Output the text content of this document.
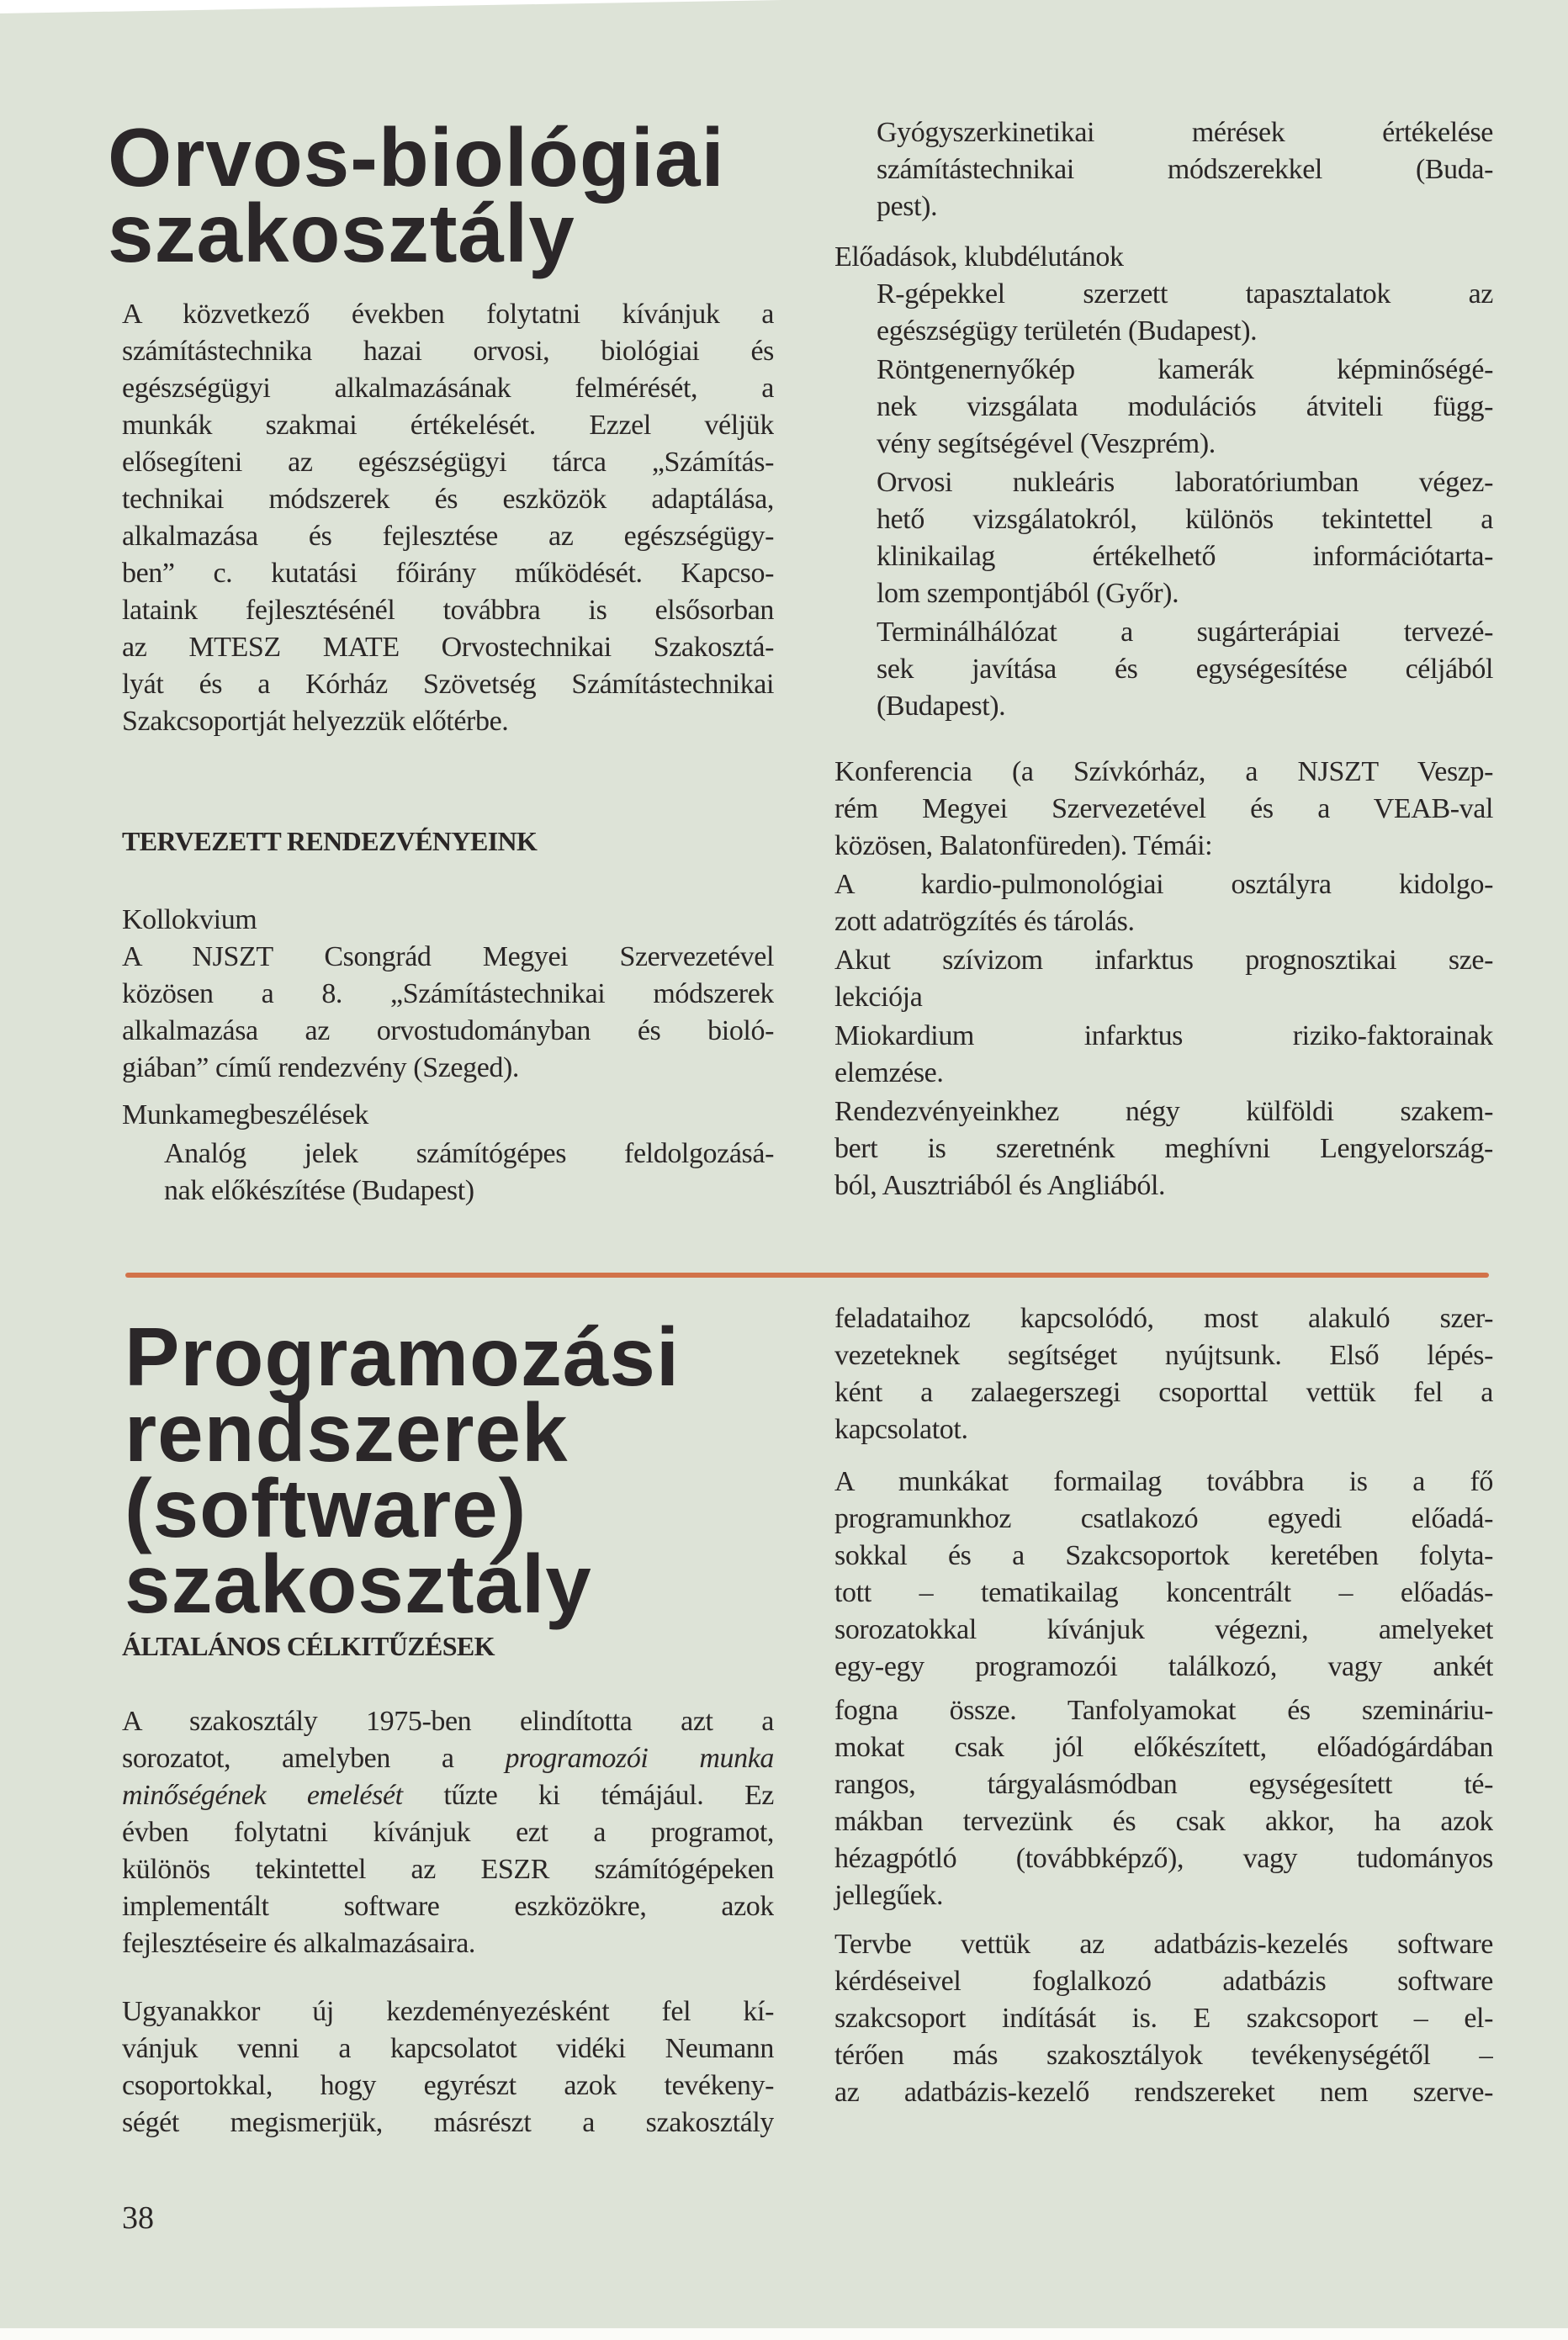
Orvos-biológiai
szakosztály
A közvetkező években folytatni kívánjuk a
számítástechnika hazai orvosi, biológiai és
egészségügyi alkalmazásának felmérését, a
munkák szakmai értékelését. Ezzel véljük
elősegíteni az egészségügyi tárca „Számítás-
technikai módszerek és eszközök adaptálása,
alkalmazása és fejlesztése az egészségügy-
ben” c. kutatási főirány működését. Kapcso-
lataink fejlesztésénél továbbra is elsősorban
az MTESZ MATE Orvostechnikai Szakosztá-
lyát és a Kórház Szövetség Számítástechnikai
Szakcsoportját helyezzük előtérbe.
TERVEZETT RENDEZVÉNYEINK
Kollokvium
A NJSZT Csongrád Megyei Szervezetével
közösen a 8. „Számítástechnikai módszerek
alkalmazása az orvostudományban és bioló-
giában” című rendezvény (Szeged).
Munkamegbeszélések
Analóg jelek számítógépes feldolgozásá-
nak előkészítése (Budapest)
Gyógyszerkinetikai mérések értékelése
számítástechnikai módszerekkel (Buda-
pest).
Előadások, klubdélutánok
R-gépekkel szerzett tapasztalatok az
egészségügy területén (Budapest).
Röntgenernyőkép kamerák képminőségé-
nek vizsgálata modulációs átviteli függ-
vény segítségével (Veszprém).
Orvosi nukleáris laboratóriumban végez-
hető vizsgálatokról, különös tekintettel a
klinikailag értékelhető információtarta-
lom szempontjából (Győr).
Terminálhálózat a sugárterápiai tervezé-
sek javítása és egységesítése céljából
(Budapest).
Konferencia (a Szívkórház, a NJSZT Veszp-
rém Megyei Szervezetével és a VEAB-val
közösen, Balatonfüreden). Témái:
A kardio-pulmonológiai osztályra kidolgo-
zott adatrögzítés és tárolás.
Akut szívizom infarktus prognosztikai sze-
lekciója
Miokardium infarktus riziko-faktorainak
elemzése.
Rendezvényeinkhez négy külföldi szakem-
bert is szeretnénk meghívni Lengyelország-
ból, Ausztriából és Angliából.
Programozási
rendszerek
(software)
szakosztály
ÁLTALÁNOS CÉLKITŰZÉSEK
A szakosztály 1975-ben elindította azt a
sorozatot, amelyben a programozói munka
minőségének emelését tűzte ki témájául. Ez
évben folytatni kívánjuk ezt a programot,
különös tekintettel az ESZR számítógépeken
implementált software eszközökre, azok
fejlesztéseire és alkalmazásaira.
Ugyanakkor új kezdeményezésként fel kí-
vánjuk venni a kapcsolatot vidéki Neumann
csoportokkal, hogy egyrészt azok tevékeny-
ségét megismerjük, másrészt a szakosztály
38
feladataihoz kapcsolódó, most alakuló szer-
vezeteknek segítséget nyújtsunk. Első lépés-
ként a zalaegerszegi csoporttal vettük fel a
kapcsolatot.
A munkákat formailag továbbra is a fő
programunkhoz csatlakozó egyedi előadá-
sokkal és a Szakcsoportok keretében folyta-
tott – tematikailag koncentrált – előadás-
sorozatokkal kívánjuk végezni, amelyeket
egy-egy programozói találkozó, vagy ankét
fogna össze. Tanfolyamokat és szemináriu-
mokat csak jól előkészített, előadógárdában
rangos, tárgyalásmódban egységesített té-
mákban tervezünk és csak akkor, ha azok
hézagpótló (továbbképző), vagy tudományos
jellegűek.
Tervbe vettük az adatbázis-kezelés software
kérdéseivel foglalkozó adatbázis software
szakcsoport indítását is. E szakcsoport – el-
térően más szakosztályok tevékenységétől –
az adatbázis-kezelő rendszereket nem szerve-
